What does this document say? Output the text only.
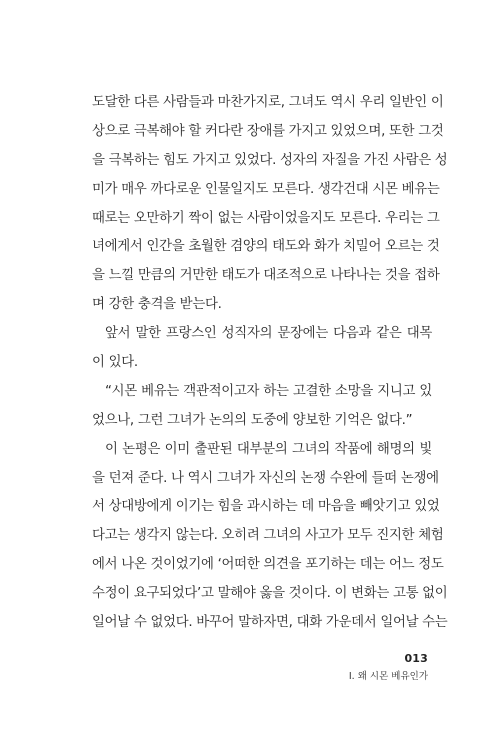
도달한 다른 사람들과 마찬가지로, 그녀도 역시 우리 일반인 이
상으로 극복해야 할 커다란 장애를 가지고 있었으며, 또한 그것
을 극복하는 힘도 가지고 있었다. 성자의 자질을 가진 사람은 성
미가 매우 까다로운 인물일지도 모른다. 생각건대 시몬 베유는
때로는 오만하기 짝이 없는 사람이었을지도 모른다. 우리는 그
녀에게서 인간을 초월한 겸양의 태도와 화가 치밀어 오르는 것
을 느낄 만큼의 거만한 태도가 대조적으로 나타나는 것을 접하
며 강한 충격을 받는다.
앞서 말한 프랑스인 성직자의 문장에는 다음과 같은 대목
이 있다.
“시몬 베유는 객관적이고자 하는 고결한 소망을 지니고 있
었으나, 그런 그녀가 논의의 도중에 양보한 기억은 없다.”
이 논평은 이미 출판된 대부분의 그녀의 작품에 해명의 빛
을 던져 준다. 나 역시 그녀가 자신의 논쟁 수완에 들떠 논쟁에
서 상대방에게 이기는 힘을 과시하는 데 마음을 빼앗기고 있었
다고는 생각지 않는다. 오히려 그녀의 사고가 모두 진지한 체험
에서 나온 것이었기에 ‘어떠한 의견을 포기하는 데는 어느 정도
수정이 요구되었다’고 말해야 옳을 것이다. 이 변화는 고통 없이
일어날 수 없었다. 바꾸어 말하자면, 대화 가운데서 일어날 수는
013
Ⅰ. 왜 시몬 베유인가
